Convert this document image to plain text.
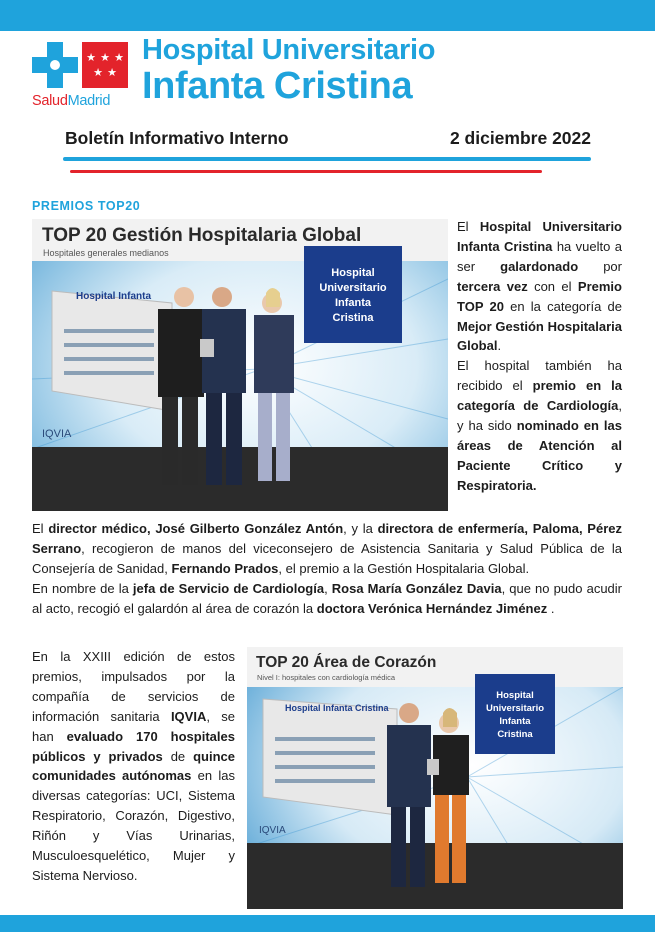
★ ★ ★
★ ★
SaludMadrid
Hospital Universitario
Infanta Cristina
Boletín Informativo Interno	2 diciembre 2022
PREMIOS TOP20
TOP 20 Gestión Hospitalaria Global
Hospitales generales medianos
Hospital
Universitario
Infanta
Cristina
Hospital Infanta
IQVIA

El Hospital Universitario Infanta Cristina ha vuelto a ser galardonado por tercera vez con el Premio TOP 20 en la categoría de Mejor Gestión Hospitalaria Global.

El hospital también ha recibido el premio en la categoría de Cardiología, y ha sido nominado en las áreas de Atención al Paciente Crítico y Respiratoria.

El director médico, José Gilberto González Antón, y la directora de enfermería, Paloma, Pérez Serrano, recogieron de manos del viceconsejero de Asistencia Sanitaria y Salud Pública de la Consejería de Sanidad, Fernando Prados, el premio a la Gestión Hospitalaria Global.

En nombre de la jefa de Servicio de Cardiología, Rosa María González Davia, que no pudo acudir al acto, recogió el galardón al área de corazón la doctora Verónica Hernández Jiménez .

En la XXIII edición de estos premios, impulsados por la compañía de servicios de información sanitaria IQVIA, se han evaluado 170 hospitales públicos y privados de quince comunidades autónomas en las diversas categorías: UCI, Sistema Respiratorio, Corazón, Digestivo, Riñón y Vías Urinarias, Musculoesquelético, Mujer y Sistema Nervioso.

TOP 20 Área de Corazón
Nivel I: hospitales con cardiología médica
Hospital
Universitario
Infanta
Cristina
Hospital Infanta Cristina
IQVIA
